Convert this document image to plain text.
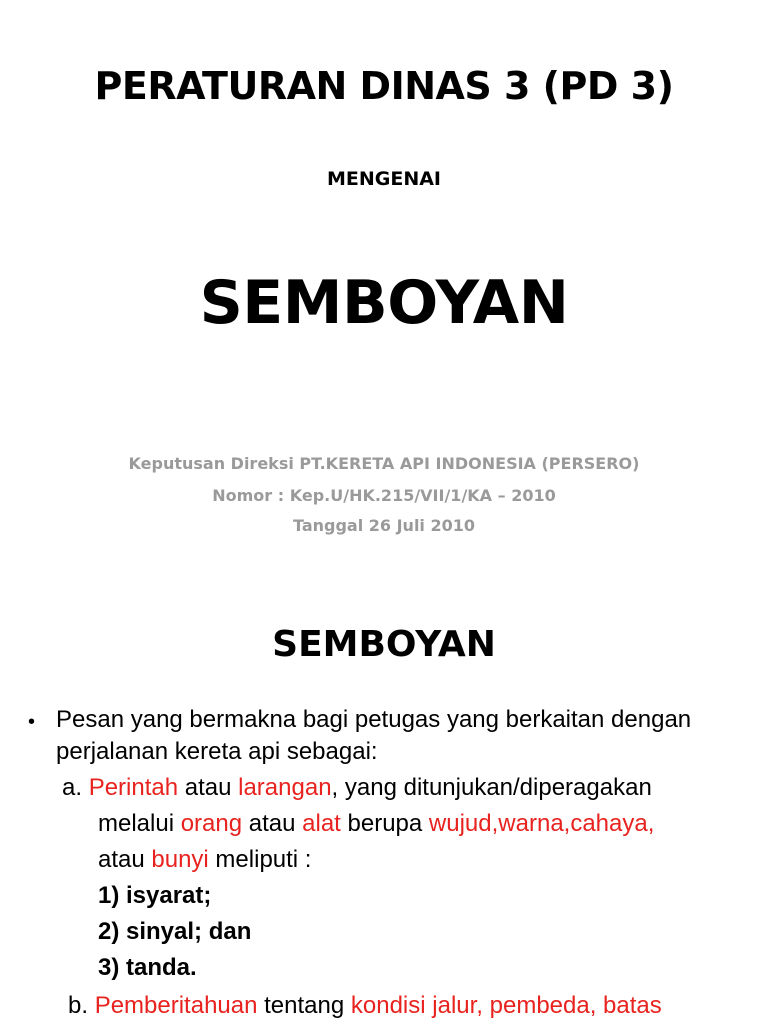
PERATURAN DINAS 3 (PD 3)
MENGENAI
SEMBOYAN
Keputusan Direksi PT.KERETA API INDONESIA (PERSERO)
Nomor : Kep.U/HK.215/VII/1/KA – 2010
Tanggal 26 Juli 2010
SEMBOYAN
• Pesan yang bermakna bagi petugas yang berkaitan dengan
perjalanan kereta api sebagai:
a. Perintah atau larangan, yang ditunjukan/diperagakan
melalui orang atau alat berupa wujud,warna,cahaya,
atau bunyi meliputi :
1) isyarat;
2) sinyal; dan
3) tanda.
b. Pemberitahuan tentang kondisi jalur, pembeda, batas
